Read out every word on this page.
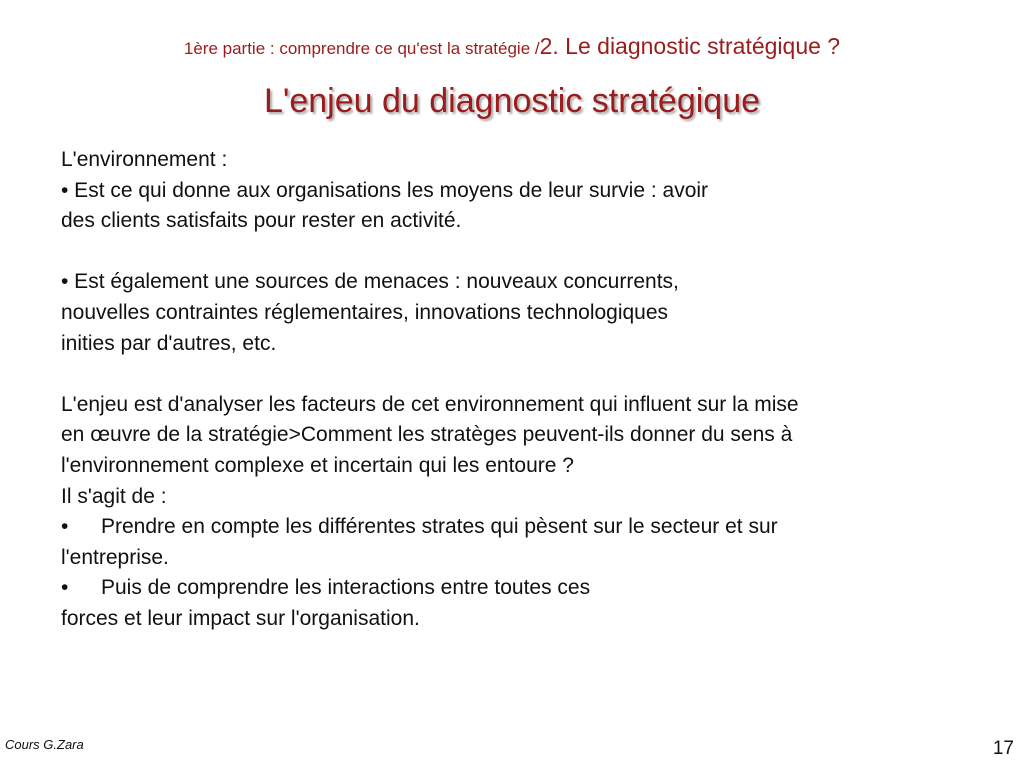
1ère partie : comprendre ce qu'est la stratégie /2. Le diagnostic stratégique ?
L'enjeu du diagnostic stratégique
L'environnement :
• Est ce qui donne aux organisations les moyens de leur survie : avoir
des clients satisfaits pour rester en activité.
• Est également une sources de menaces : nouveaux concurrents,
nouvelles contraintes réglementaires, innovations technologiques
inities par d'autres, etc.
L'enjeu est d'analyser les facteurs de cet environnement qui influent sur la mise
en œuvre de la stratégie>Comment les stratèges peuvent-ils donner du sens à
l'environnement complexe et incertain qui les entoure ?
Il s'agit de :
• Prendre en compte les différentes strates qui pèsent sur le secteur et sur
l'entreprise.
• Puis de comprendre les interactions entre toutes ces
forces et leur impact sur l'organisation.
Cours G.Zara	17
